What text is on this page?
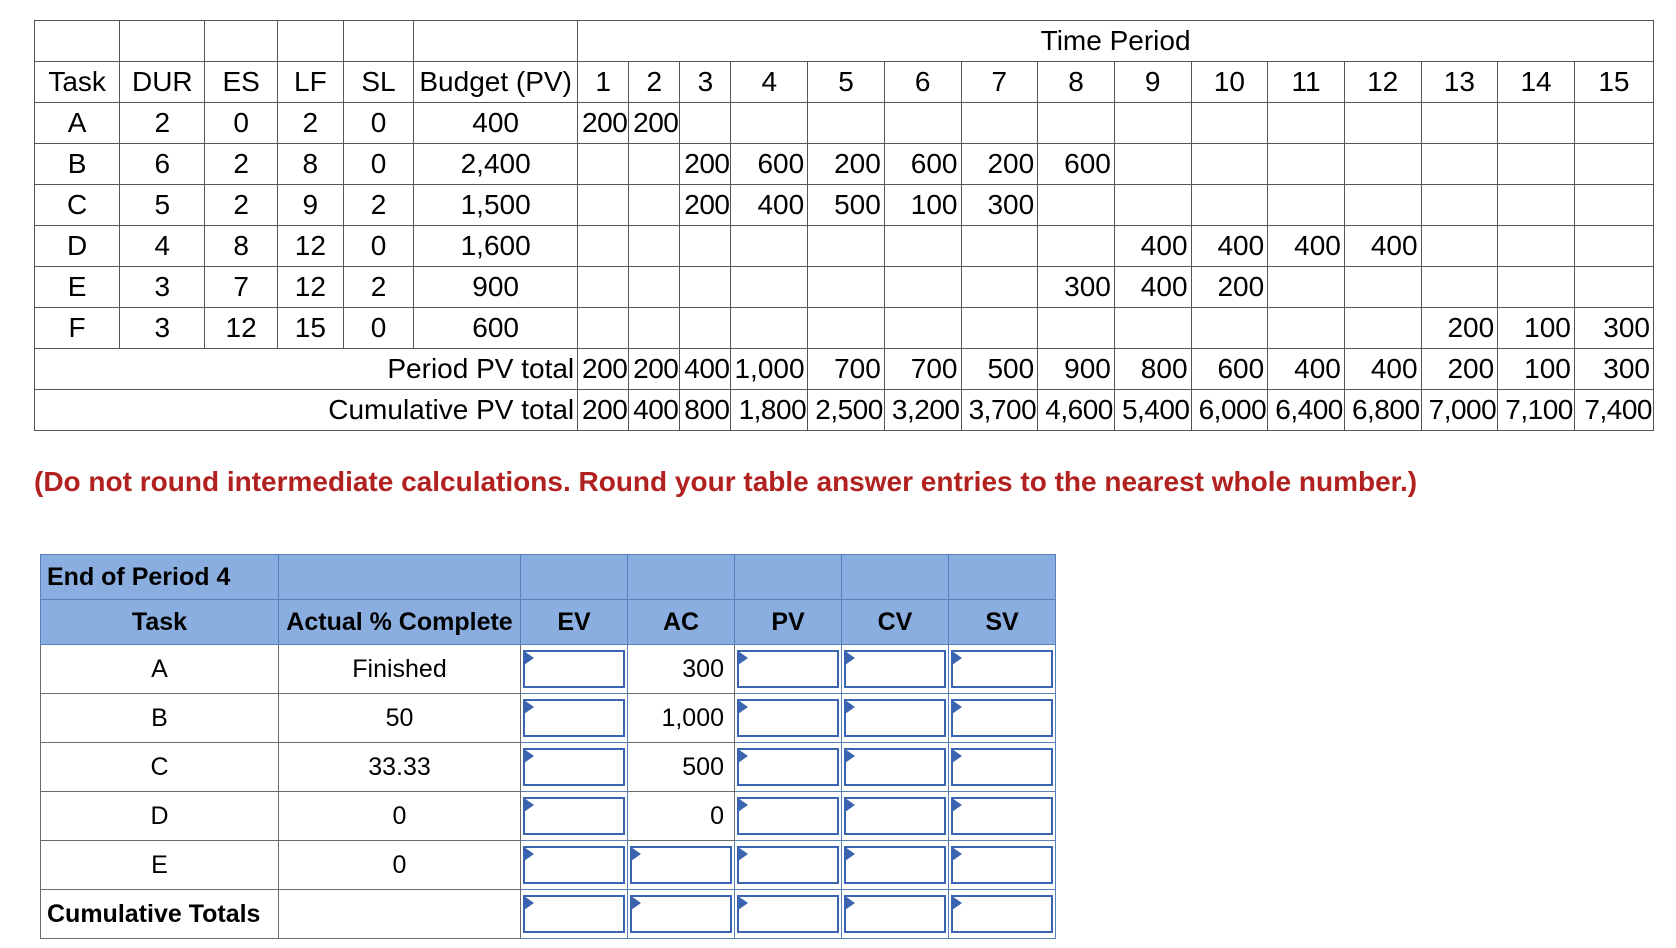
						Time Period														
Task	DUR	ES	LF	SL	Budget (PV)	1	2	3	4	5	6	7	8	9	10	11	12	13	14	15
A	2	0	2	0	400	200	200													
B	6	2	8	0	2,400			200	600	200	600	200	600							
C	5	2	9	2	1,500			200	400	500	100	300								
D	4	8	12	0	1,600									400	400	400	400			
E	3	7	12	2	900								300	400	200					
F	3	12	15	0	600													200	100	300
Period PV total						200	200	400	1,000	700	700	500	900	800	600	400	400	200	100	300
Cumulative PV total						200	400	800	1,800	2,500	3,200	3,700	4,600	5,400	6,000	6,400	6,800	7,000	7,100	7,400
(Do not round intermediate calculations. Round your table answer entries to the nearest whole number.)
End of Period 4						
Task	Actual % Complete	EV	AC	PV	CV	SV
A	Finished		300	

B	50		1,000	

C	33.33		500	

D	0		0	

E	0	

Cumulative Totals		
